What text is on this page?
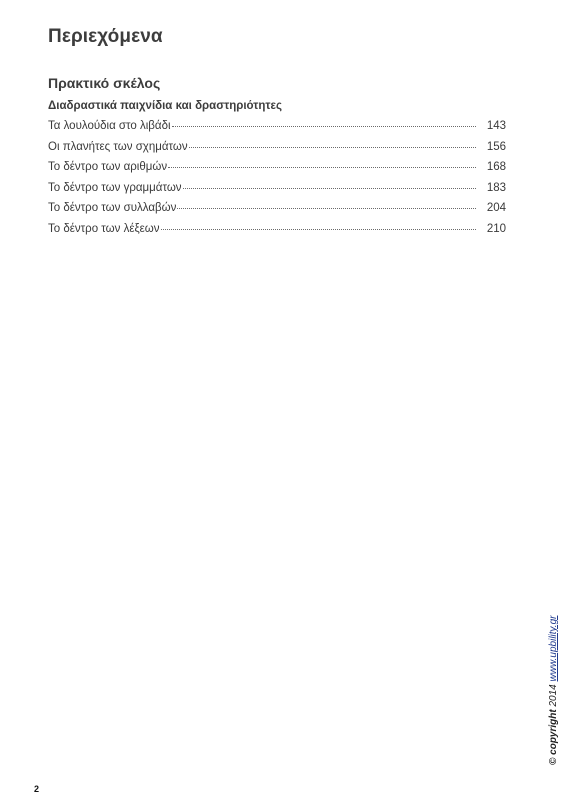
Περιεχόμενα
Πρακτικό σκέλος
Διαδραστικά παιχνίδια και δραστηριότητες
Τα λουλούδια στο λιβάδι	143
Οι πλανήτες των σχημάτων	156
Το δέντρο των αριθμών	168
Το δέντρο των γραμμάτων	183
Το δέντρο των συλλαβών	204
Το δέντρο των λέξεων	210
© copyright 2014 www.upbility.gr
2
